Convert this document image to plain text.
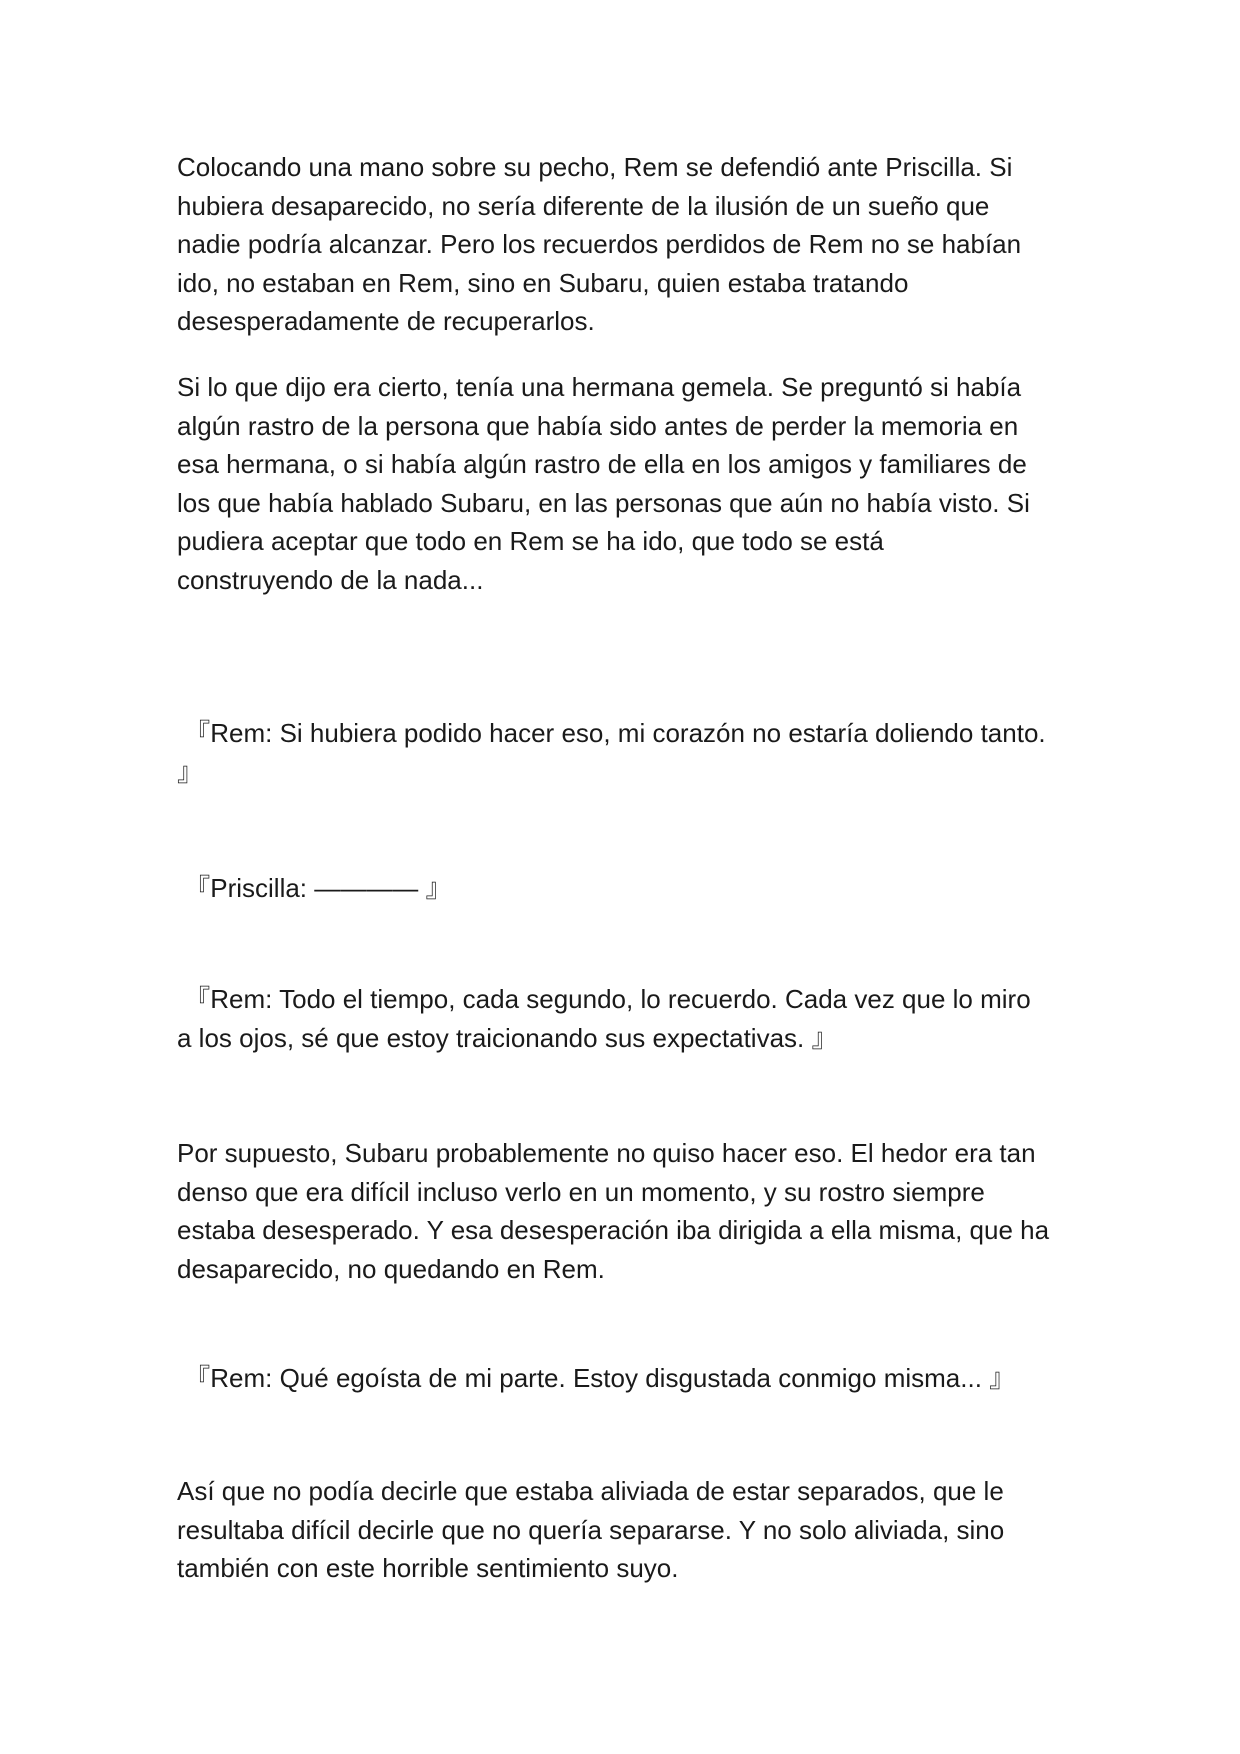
Colocando una mano sobre su pecho, Rem se defendió ante Priscilla. Si
hubiera desaparecido, no sería diferente de la ilusión de un sueño que
nadie podría alcanzar. Pero los recuerdos perdidos de Rem no se habían
ido, no estaban en Rem, sino en Subaru, quien estaba tratando
desesperadamente de recuperarlos.

Si lo que dijo era cierto, tenía una hermana gemela. Se preguntó si había
algún rastro de la persona que había sido antes de perder la memoria en
esa hermana, o si había algún rastro de ella en los amigos y familiares de
los que había hablado Subaru, en las personas que aún no había visto. Si
pudiera aceptar que todo en Rem se ha ido, que todo se está
construyendo de la nada...

『Rem: Si hubiera podido hacer eso, mi corazón no estaría doliendo tanto.
』

『Priscilla: ———— 』

『Rem: Todo el tiempo, cada segundo, lo recuerdo. Cada vez que lo miro
a los ojos, sé que estoy traicionando sus expectativas. 』

Por supuesto, Subaru probablemente no quiso hacer eso. El hedor era tan
denso que era difícil incluso verlo en un momento, y su rostro siempre
estaba desesperado. Y esa desesperación iba dirigida a ella misma, que ha
desaparecido, no quedando en Rem.

『Rem: Qué egoísta de mi parte. Estoy disgustada conmigo misma... 』

Así que no podía decirle que estaba aliviada de estar separados, que le
resultaba difícil decirle que no quería separarse. Y no solo aliviada, sino
también con este horrible sentimiento suyo.
